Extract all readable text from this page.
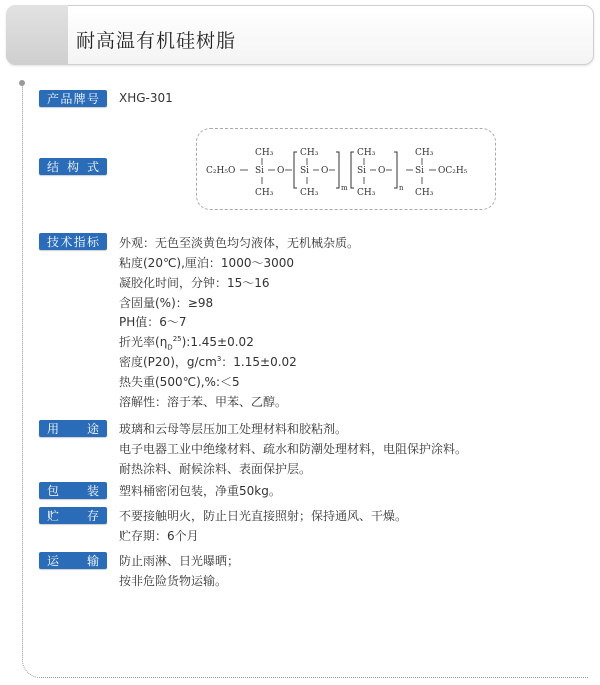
耐高温有机硅树脂
产 品 牌 号 XHG-301
结 构 式	C₂H₅O
CH₃
Si
CH₃
O
CH₃
Si
CH₃
O
m
CH₃
Si
CH₃
O
n
CH₃
Si
CH₃
OC₂H₅
技 术 指 标 外观：无色至淡黄色均匀液体，无机械杂质。
粘度(20℃),厘泊：1000～3000
凝胶化时间，分钟：15～16
含固量(%)：≥98
PH值：6～7
折光率$(\eta_D^{25}):1.45\pm 0.02$
密度(P20)，$g/cm^3$：1.15±0.02
热失重(500℃),%:＜5
溶解性：溶于苯、甲苯、乙醇。
用 途 玻璃和云母等层压加工处理材料和胶粘剂。
电子电器工业中绝缘材料、疏水和防潮处理材料，电阻保护涂料。
耐热涂料、耐候涂料、表面保护层。
包 装 塑料桶密闭包装，净重50kg。
贮 存 不要接触明火，防止日光直接照射；保持通风、干燥。
贮存期：6个月
运 输 防止雨淋、日光曝晒；
按非危险货物运输。
